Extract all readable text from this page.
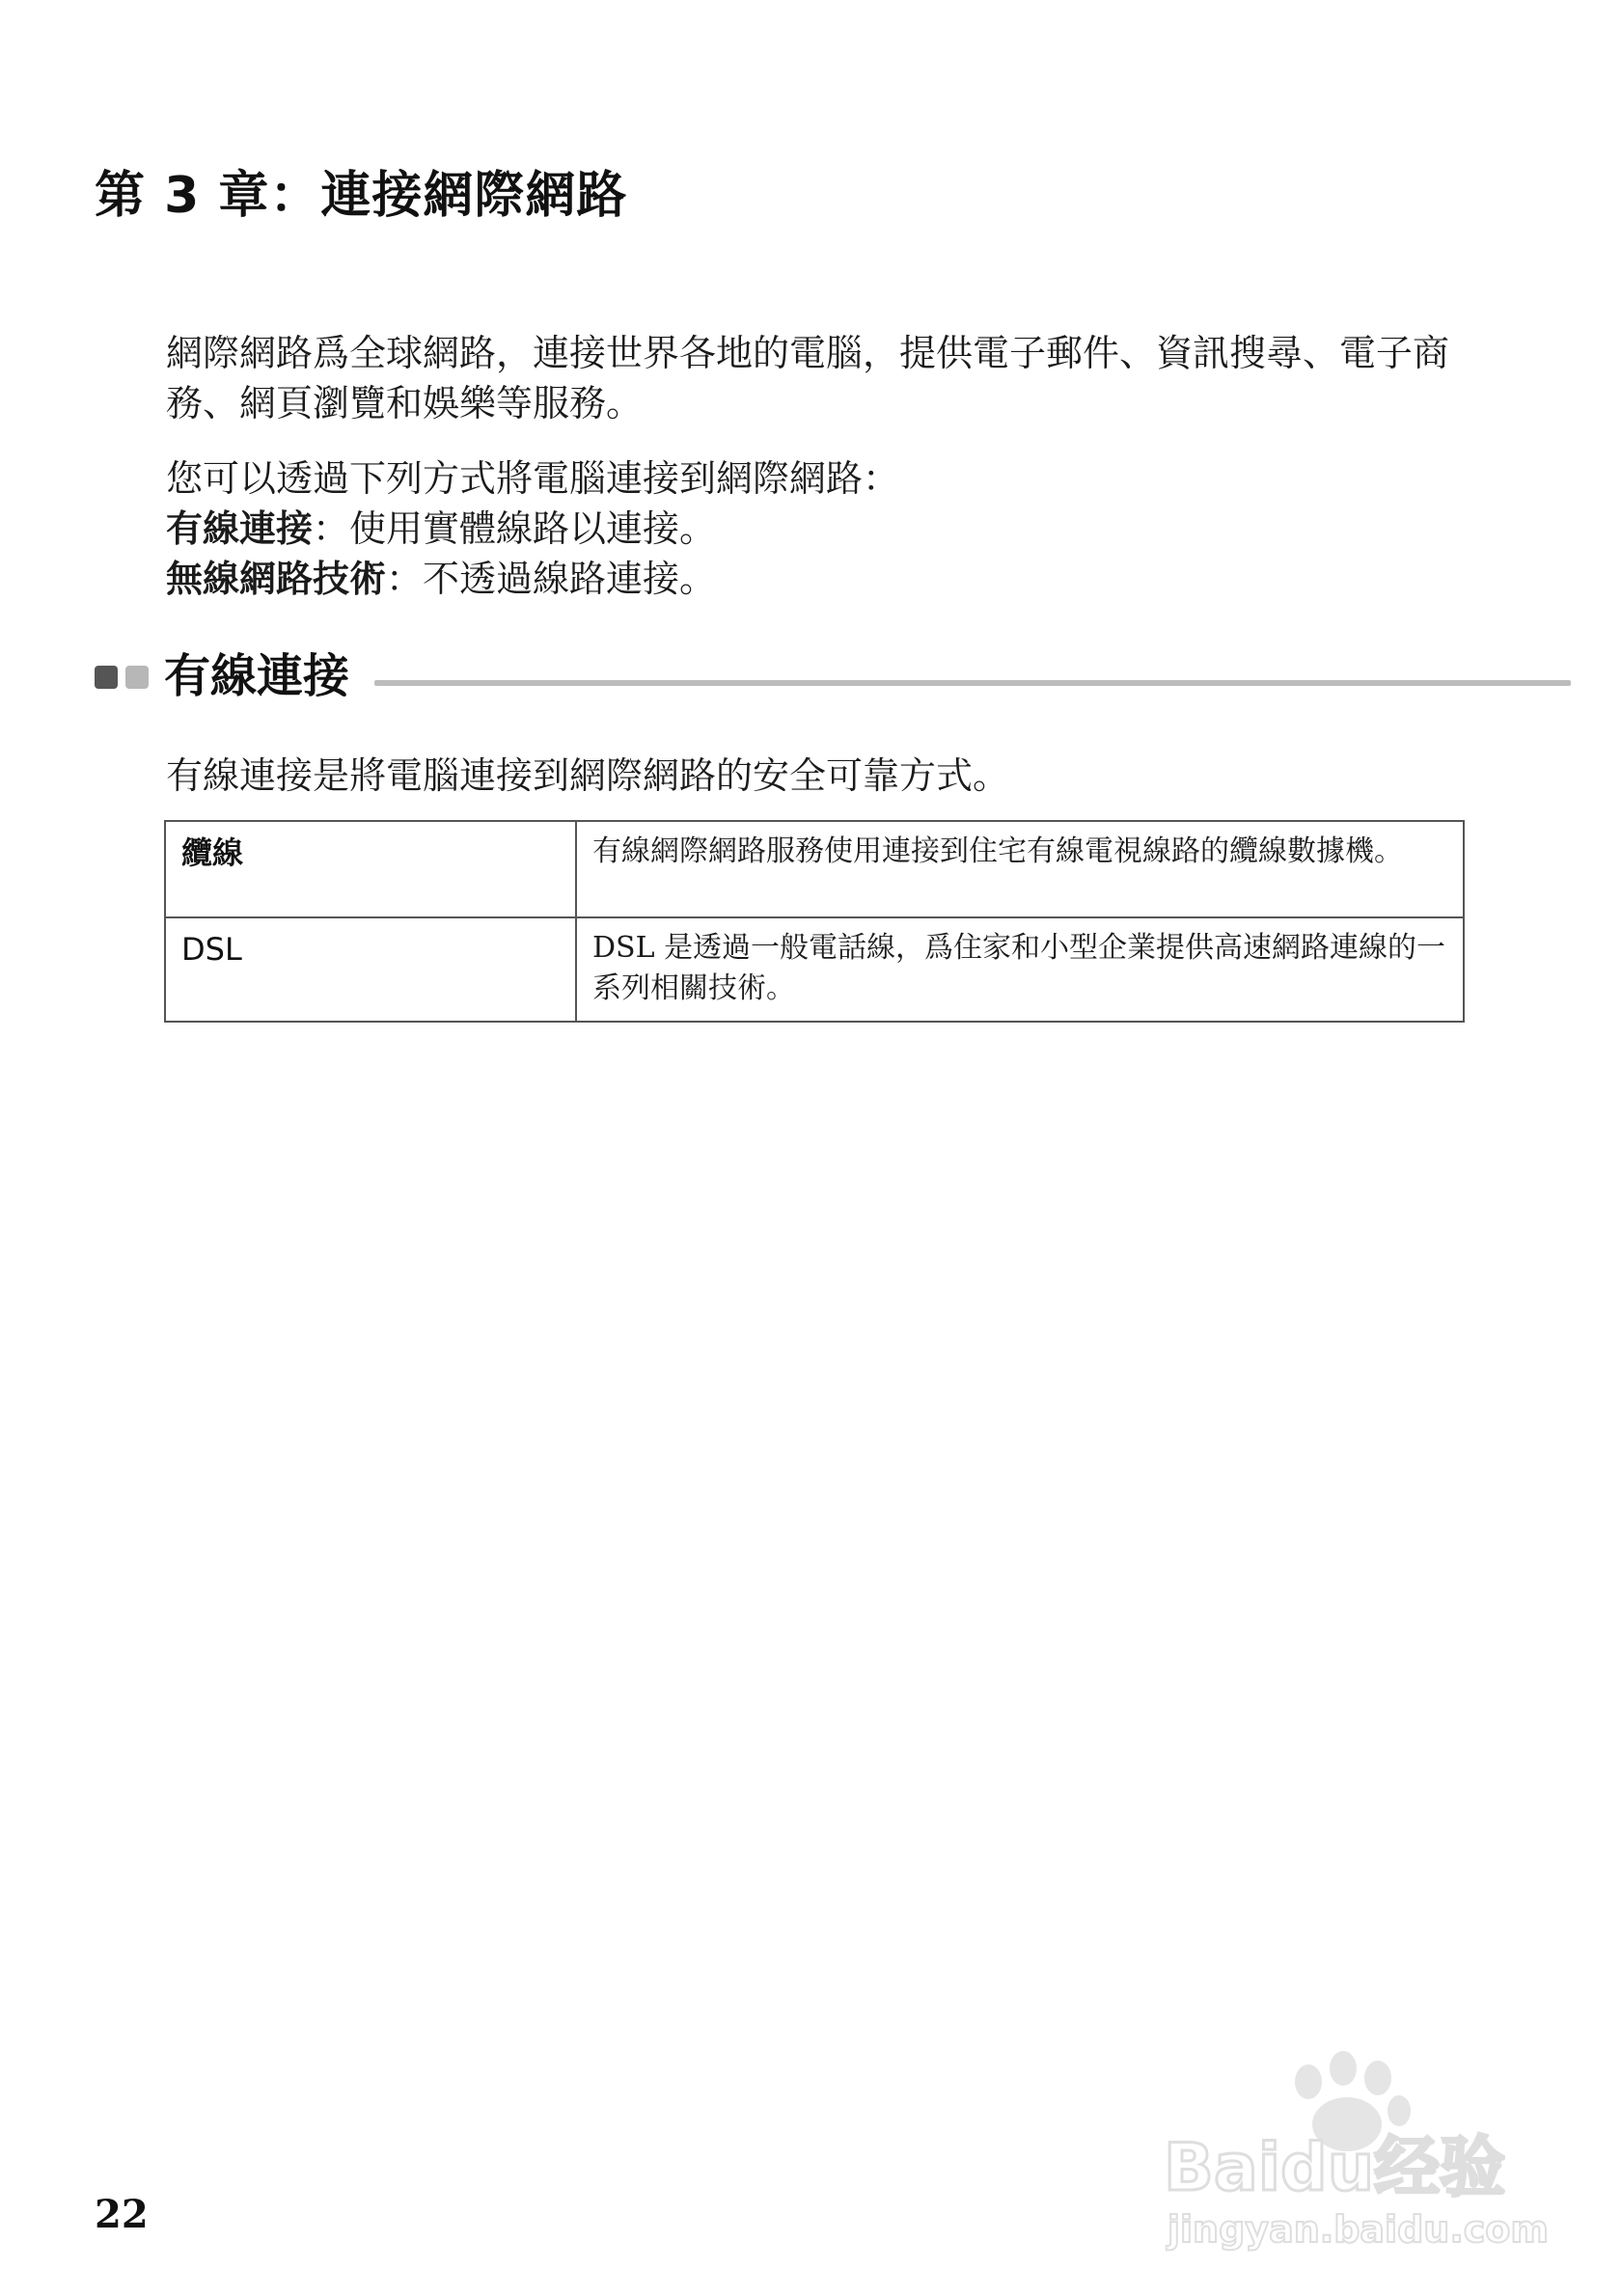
第 3 章：連接網際網路

網際網路爲全球網路，連接世界各地的電腦，提供電子郵件、資訊搜尋、電子商務、網頁瀏覽和娛樂等服務。

您可以透過下列方式將電腦連接到網際網路：
有線連接：使用實體線路以連接。
無線網路技術：不透過線路連接。
有線連接

有線連接是將電腦連接到網際網路的安全可靠方式。

纜線	有線網際網路服務使用連接到住宅有線電視線路的纜線數據機。
DSL	DSL 是透過一般電話線，爲住家和小型企業提供高速網路連線的一系列相關技術。
22
Baidu经验
jingyan.baidu.com
